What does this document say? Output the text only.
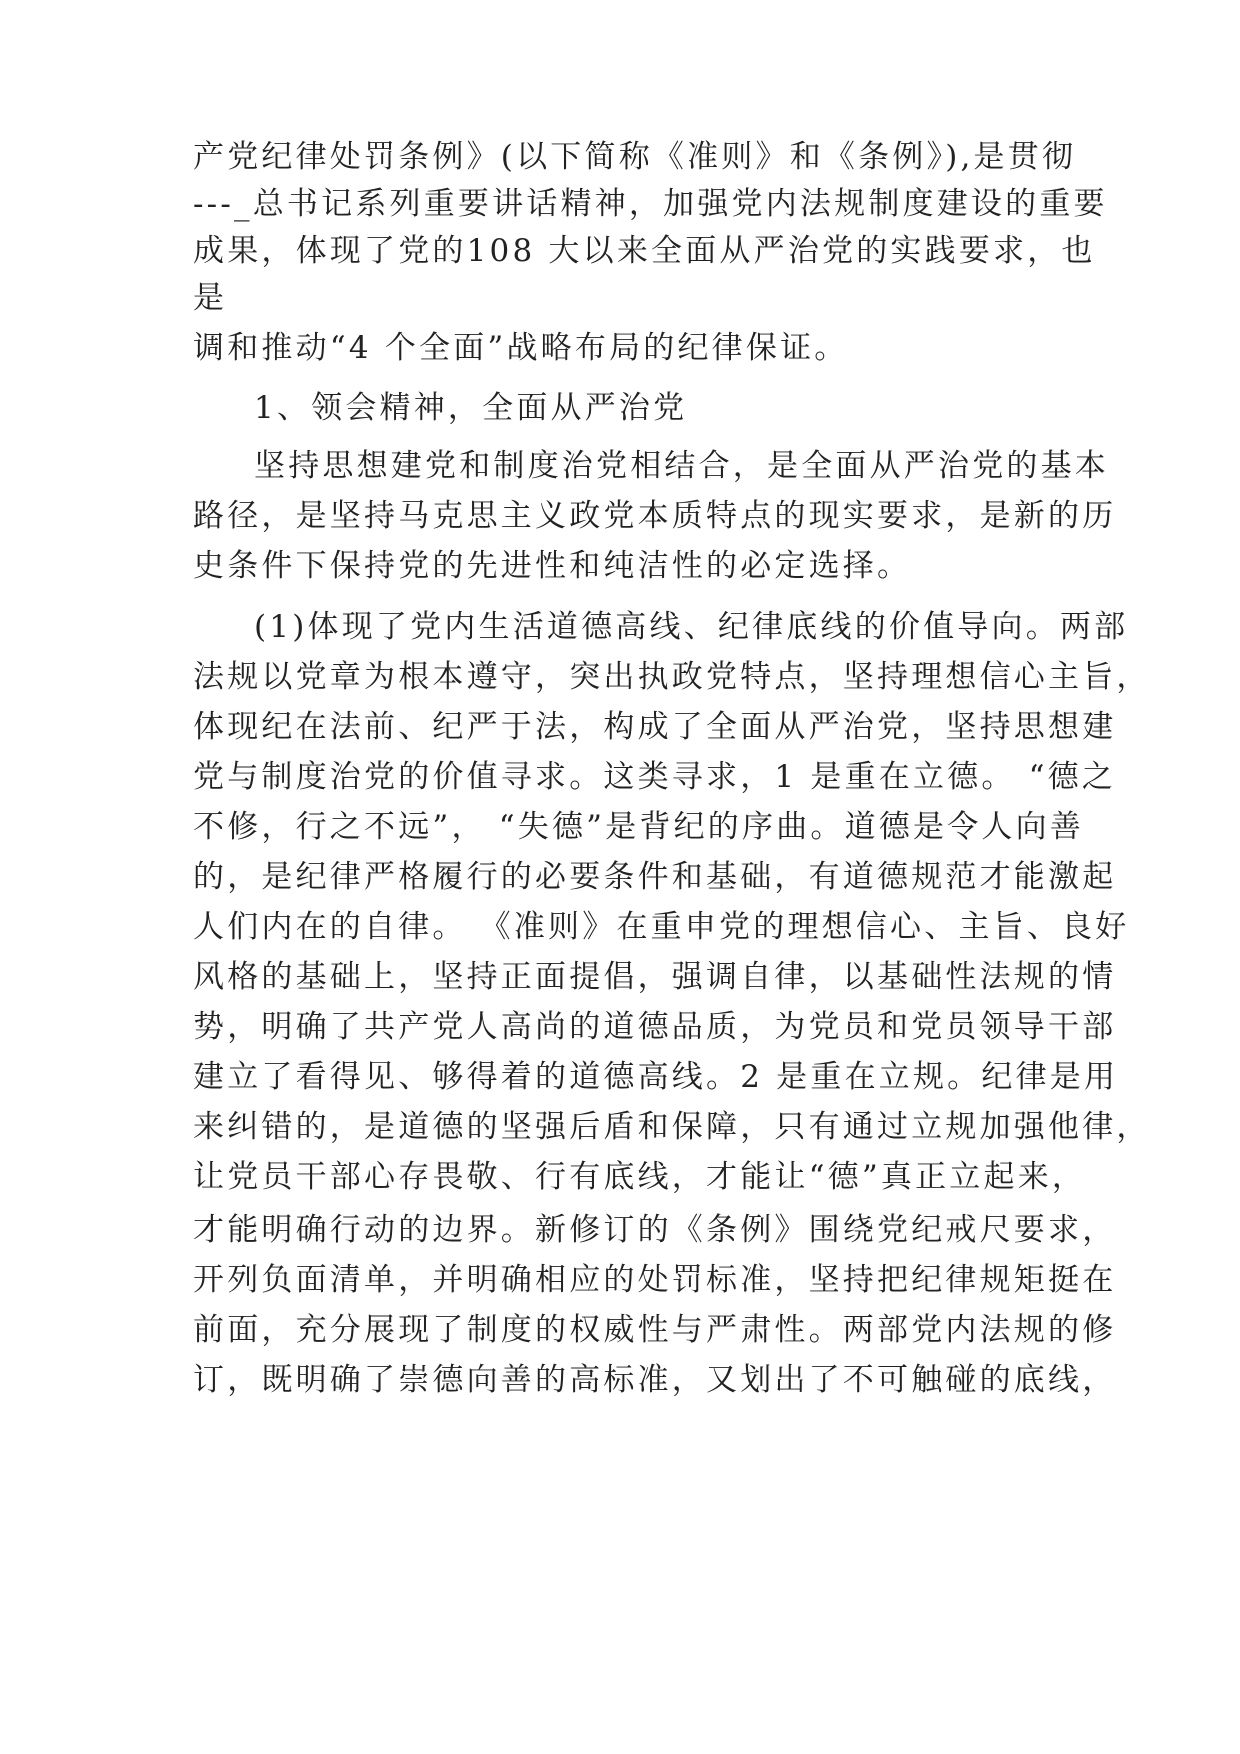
产党纪律处罚条例》(以下简称《准则》和《条例》),是贯彻
---_总书记系列重要讲话精神，加强党内法规制度建设的重要
成果，体现了党的108 大以来全面从严治党的实践要求，也
是
调和推动“4 个全面”战略布局的纪律保证。
1、领会精神，全面从严治党
坚持思想建党和制度治党相结合，是全面从严治党的基本
路径，是坚持马克思主义政党本质特点的现实要求，是新的历
史条件下保持党的先进性和纯洁性的必定选择。
(1)体现了党内生活道德高线、纪律底线的价值导向。两部
法规以党章为根本遵守，突出执政党特点，坚持理想信心主旨，
体现纪在法前、纪严于法，构成了全面从严治党，坚持思想建
党与制度治党的价值寻求。这类寻求，1 是重在立德。 “德之
不修，行之不远”， “失德”是背纪的序曲。道德是令人向善
的，是纪律严格履行的必要条件和基础，有道德规范才能激起
人们内在的自律。 《准则》在重申党的理想信心、主旨、良好
风格的基础上，坚持正面提倡，强调自律，以基础性法规的情
势，明确了共产党人高尚的道德品质，为党员和党员领导干部
建立了看得见、够得着的道德高线。2 是重在立规。纪律是用
来纠错的，是道德的坚强后盾和保障，只有通过立规加强他律，
让党员干部心存畏敬、行有底线，才能让“德”真正立起来，
才能明确行动的边界。新修订的《条例》围绕党纪戒尺要求，
开列负面清单，并明确相应的处罚标准，坚持把纪律规矩挺在
前面，充分展现了制度的权威性与严肃性。两部党内法规的修
订，既明确了崇德向善的高标准，又划出了不可触碰的底线，
